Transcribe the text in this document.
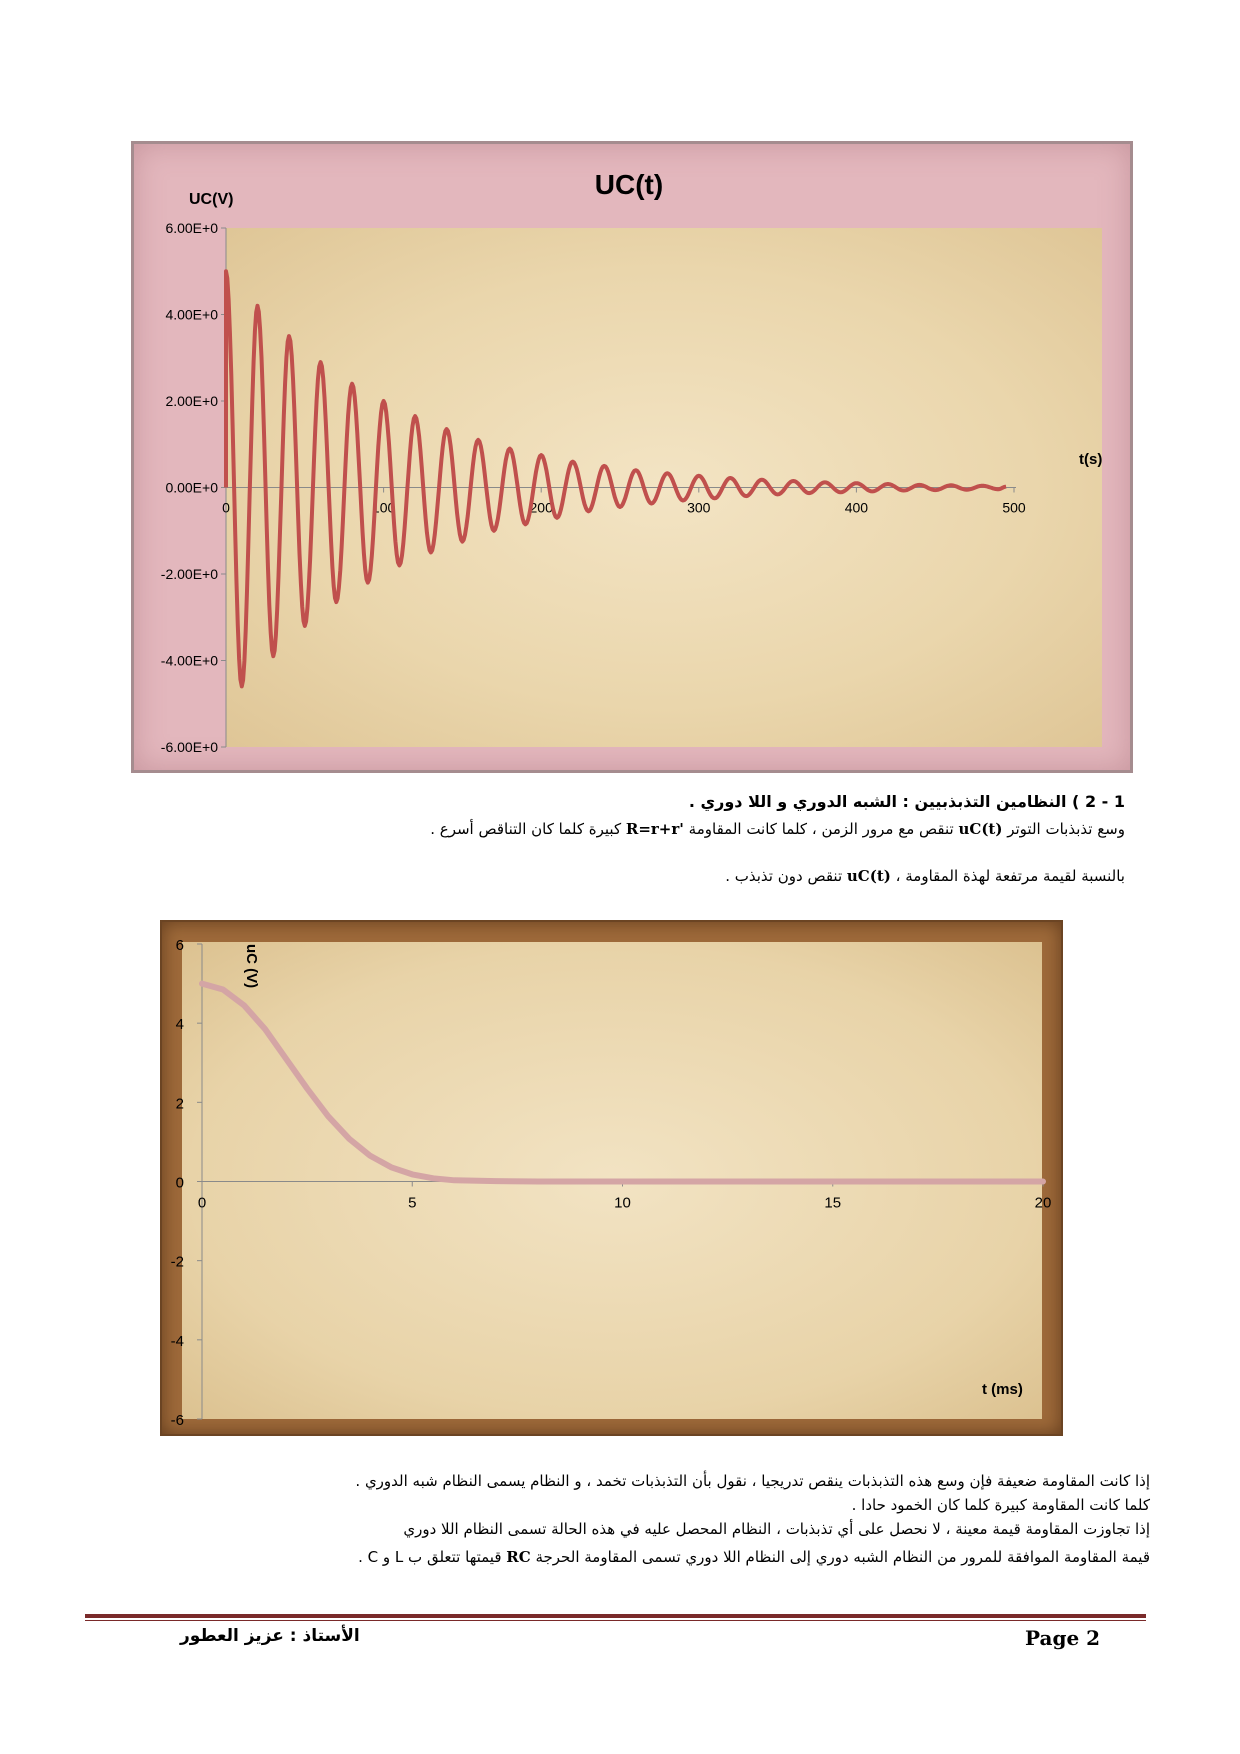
6.00E+0
4.00E+0
2.00E+0
0.00E+0
-2.00E+0
-4.00E+0
-6.00E+0
0	100	200	300	400	500
UC(t)
UC(V)
t(s)
1 - 2 ) النظامين التذبذبيين : الشبه الدوري و اللا دوري .
وسع تذبذبات التوتر uC(t) تنقص مع مرور الزمن ، كلما كانت المقاومة R=r+r' كبيرة كلما كان التناقص أسرع .
بالنسبة لقيمة مرتفعة لهذة المقاومة ، uC(t) تنقص دون تذبذب .
6
4
2
0
-2
-4
-6
0	5	10	15	20
uC (V)
t (ms)
إذا كانت المقاومة ضعيفة فإن وسع هذه التذبذبات ينقص تدريجيا ، نقول بأن التذبذبات تخمد ، و النظام يسمى النظام شبه الدوري .
كلما كانت المقاومة كبيرة كلما كان الخمود حادا .
إذا تجاوزت المقاومة قيمة معينة ، لا نحصل على أي تذبذبات ، النظام المحصل عليه في هذه الحالة تسمى النظام اللا دوري
قيمة المقاومة الموافقة للمرور من النظام الشبه دوري إلى النظام اللا دوري تسمى المقاومة الحرجة RC قيمتها تتعلق ب L و C .
Page 2
الأستاذ : عزيز العطور
